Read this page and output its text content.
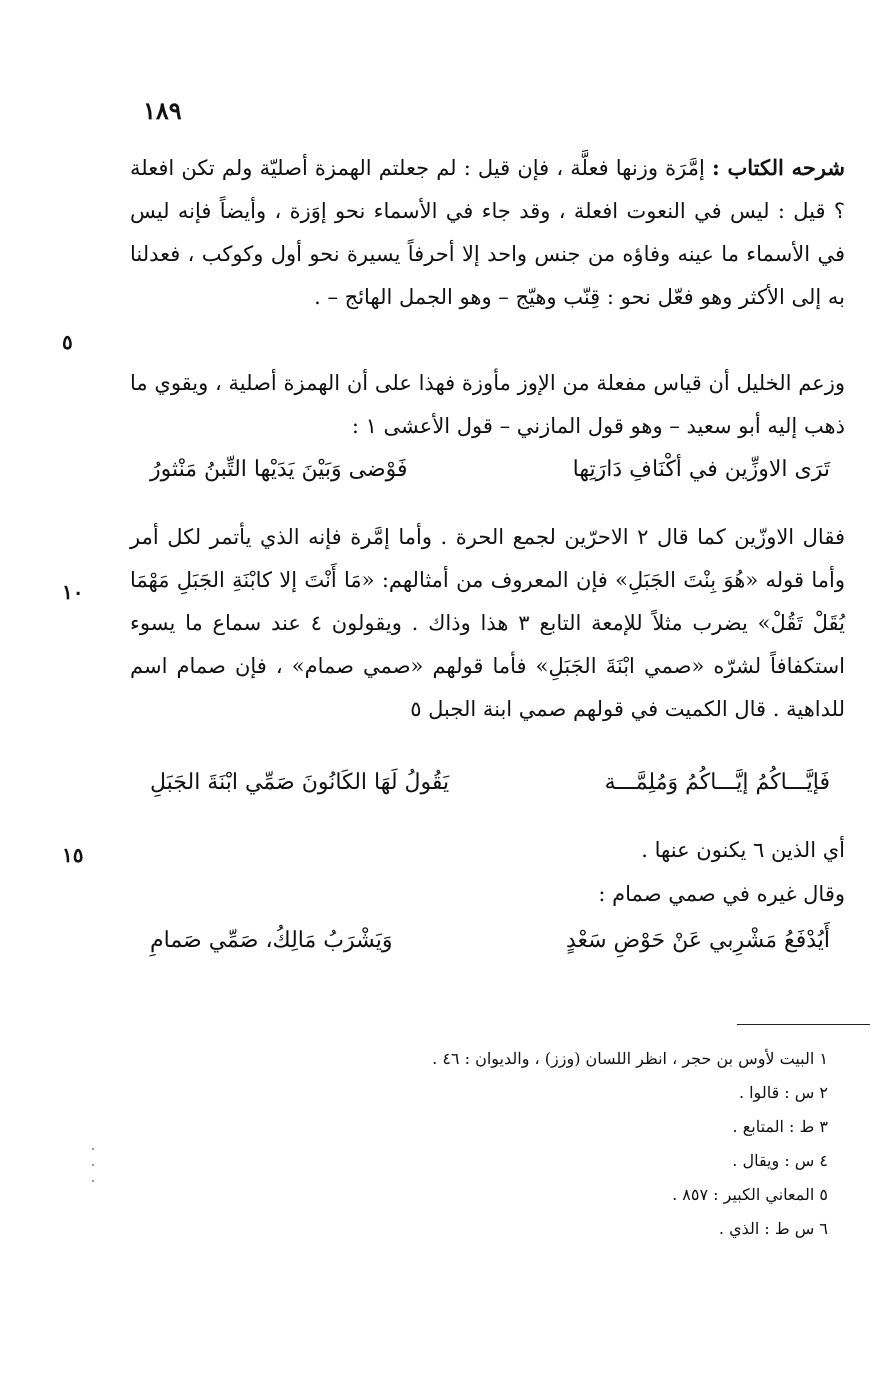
١٨٩

شرحه الكتاب : إمَّرَة وزنها فعلَّة ، فإن قيل : لم جعلتم الهمزة أصليّة ولم تكن افعلة ؟ قيل : ليس في النعوت افعلة ، وقد جاء في الأسماء نحو إوَزة ، وأيضاً فإنه ليس في الأسماء ما عينه وفاؤه من جنس واحد إلا أحرفاً يسيرة نحو أول وكوكب ، فعدلنا به إلى الأكثر وهو فعّل نحو : قِنّب وهيّج – وهو الجمل الهائج – .

وزعم الخليل أن قياس مفعلة من الإوز مأوزة فهذا على أن الهمزة أصلية ، ويقوي ما ذهب إليه أبو سعيد – وهو قول المازني – قول الأعشى ١ :

تَرَى الاوزِّين في أكْنَافِ دَارَتِها
فَوْضى وَبَيْنَ يَدَيْها التِّبنُ مَنْثورُ

فقال الاوزّين كما قال ٢ الاحرّين لجمع الحرة . وأما إمَّرة فإنه الذي يأتمر لكل أمر وأما قوله «هُوَ بِنْتَ الجَبَلِ» فإن المعروف من أمثالهم: «مَا أَنْتَ إلا كابْنَةِ الجَبَلِ مَهْمَا يُقَلْ تَقُلْ» يضرب مثلاً للإمعة التابع ٣ هذا وذاك . ويقولون ٤ عند سماع ما يسوء استكفافاً لشرّه «صمي ابْنَةَ الجَبَلِ» فأما قولهم «صمي صمام» ، فإن صمام اسم للداهية . قال الكميت في قولهم صمي ابنة الجبل ٥

فَإيَّـــاكُمُ إيَّـــاكُمُ وَمُلِمَّـــة
يَقُولُ لَهَا الكَانُونَ صَمِّي ابْنَةَ الجَبَلِ

أي الذين ٦ يكنون عنها .

وقال غيره في صمي صمام :

أَيُدْفَعُ مَشْرِبي عَنْ حَوْضِ سَعْدٍ
وَيَشْرَبُ مَالِكُ، صَمِّي صَمامِ
٥
١٠
١٥
١ البيت لأوس بن حجر ، انظر اللسان (وزز) ، والديوان : ٤٦ .
٢ س : قالوا .
٣ ط : المتابع .
٤ س : ويقال .
٥ المعاني الكبير : ٨٥٧ .
٦ س ط : الذي .
